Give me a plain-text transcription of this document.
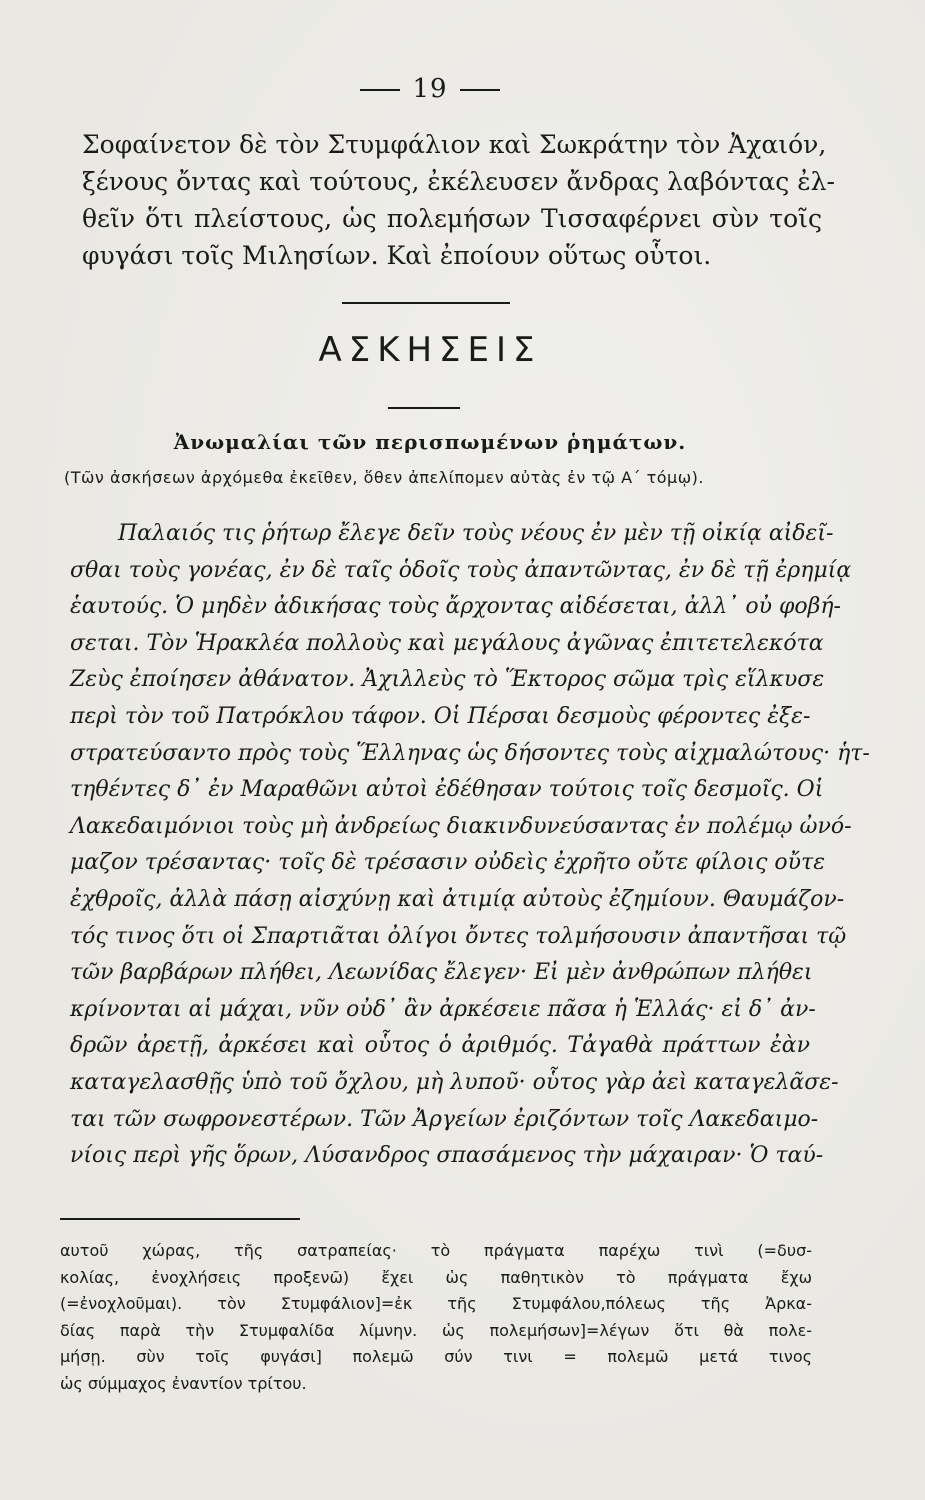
19
Σοφαίνετον δὲ τὸν Στυμφάλιον καὶ Σωκράτην τὸν Ἀχαιόν,
ξένους ὄντας καὶ τούτους, ἐκέλευσεν ἄνδρας λαβόντας ἐλ-
θεῖν ὅτι πλείστους, ὡς πολεμήσων Τισσαφέρνει σὺν τοῖς
φυγάσι τοῖς Μιλησίων. Καὶ ἐποίουν οὕτως οὗτοι.
ΑΣΚΗΣΕΙΣ
Ἀνωμαλίαι τῶν περισπωμένων ῥημάτων.
(Τῶν ἀσκήσεων ἀρχόμεθα ἐκεῖθεν, ὅθεν ἀπελίπομεν αὐτὰς ἐν τῷ Α΄ τόμῳ).
Παλαιός τις ῥήτωρ ἔλεγε δεῖν τοὺς νέους ἐν μὲν τῇ οἰκίᾳ αἰδεῖ-
σθαι τοὺς γονέας, ἐν δὲ ταῖς ὁδοῖς τοὺς ἀπαντῶντας, ἐν δὲ τῇ ἐρημίᾳ
ἑαυτούς. Ὁ μηδὲν ἀδικήσας τοὺς ἄρχοντας αἰδέσεται, ἀλλ᾽ οὐ φοβή-
σεται. Τὸν Ἡρακλέα πολλοὺς καὶ μεγάλους ἀγῶνας ἐπιτετελεκότα
Ζεὺς ἐποίησεν ἀθάνατον. Ἀχιλλεὺς τὸ Ἕκτορος σῶμα τρὶς εἵλκυσε
περὶ τὸν τοῦ Πατρόκλου τάφον. Οἱ Πέρσαι δεσμοὺς φέροντες ἐξε-
στρατεύσαντο πρὸς τοὺς Ἕλληνας ὡς δήσοντες τοὺς αἰχμαλώτους· ἡτ-
τηθέντες δ᾽ ἐν Μαραθῶνι αὐτοὶ ἐδέθησαν τούτοις τοῖς δεσμοῖς. Οἱ
Λακεδαιμόνιοι τοὺς μὴ ἀνδρείως διακινδυνεύσαντας ἐν πολέμῳ ὠνό-
μαζον τρέσαντας· τοῖς δὲ τρέσασιν οὐδεὶς ἐχρῆτο οὔτε φίλοις οὔτε
ἐχθροῖς, ἀλλὰ πάσῃ αἰσχύνῃ καὶ ἀτιμίᾳ αὐτοὺς ἐζημίουν. Θαυμάζον-
τός τινος ὅτι οἱ Σπαρτιᾶται ὀλίγοι ὄντες τολμήσουσιν ἀπαντῆσαι τῷ
τῶν βαρβάρων πλήθει, Λεωνίδας ἔλεγεν· Εἰ μὲν ἀνθρώπων πλήθει
κρίνονται αἱ μάχαι, νῦν οὐδ᾽ ἂν ἀρκέσειε πᾶσα ἡ Ἑλλάς· εἰ δ᾽ ἀν-
δρῶν ἀρετῇ, ἀρκέσει καὶ οὗτος ὁ ἀριθμός. Τἀγαθὰ πράττων ἐὰν
καταγελασθῇς ὑπὸ τοῦ ὄχλου, μὴ λυποῦ· οὗτος γὰρ ἀεὶ καταγελᾶσε-
ται τῶν σωφρονεστέρων. Τῶν Ἀργείων ἐριζόντων τοῖς Λακεδαιμο-
νίοις περὶ γῆς ὅρων, Λύσανδρος σπασάμενος τὴν μάχαιραν· Ὁ ταύ-
αυτοῦ χώρας, τῆς σατραπείας· τὸ πράγματα παρέχω τινὶ (=δυσ-
κολίας, ἐνοχλήσεις προξενῶ) ἔχει ὡς παθητικὸν τὸ πράγματα ἔχω
(=ἐνοχλοῦμαι). τὸν Στυμφάλιον]=ἐκ τῆς Στυμφάλου,πόλεως τῆς Ἀρκα-
δίας παρὰ τὴν Στυμφαλίδα λίμνην. ὡς πολεμήσων]=λέγων ὅτι θὰ πολε-
μήσῃ. σὺν τοῖς φυγάσι] πολεμῶ σύν τινι = πολεμῶ μετά τινος
ὡς σύμμαχος ἐναντίον τρίτου.
